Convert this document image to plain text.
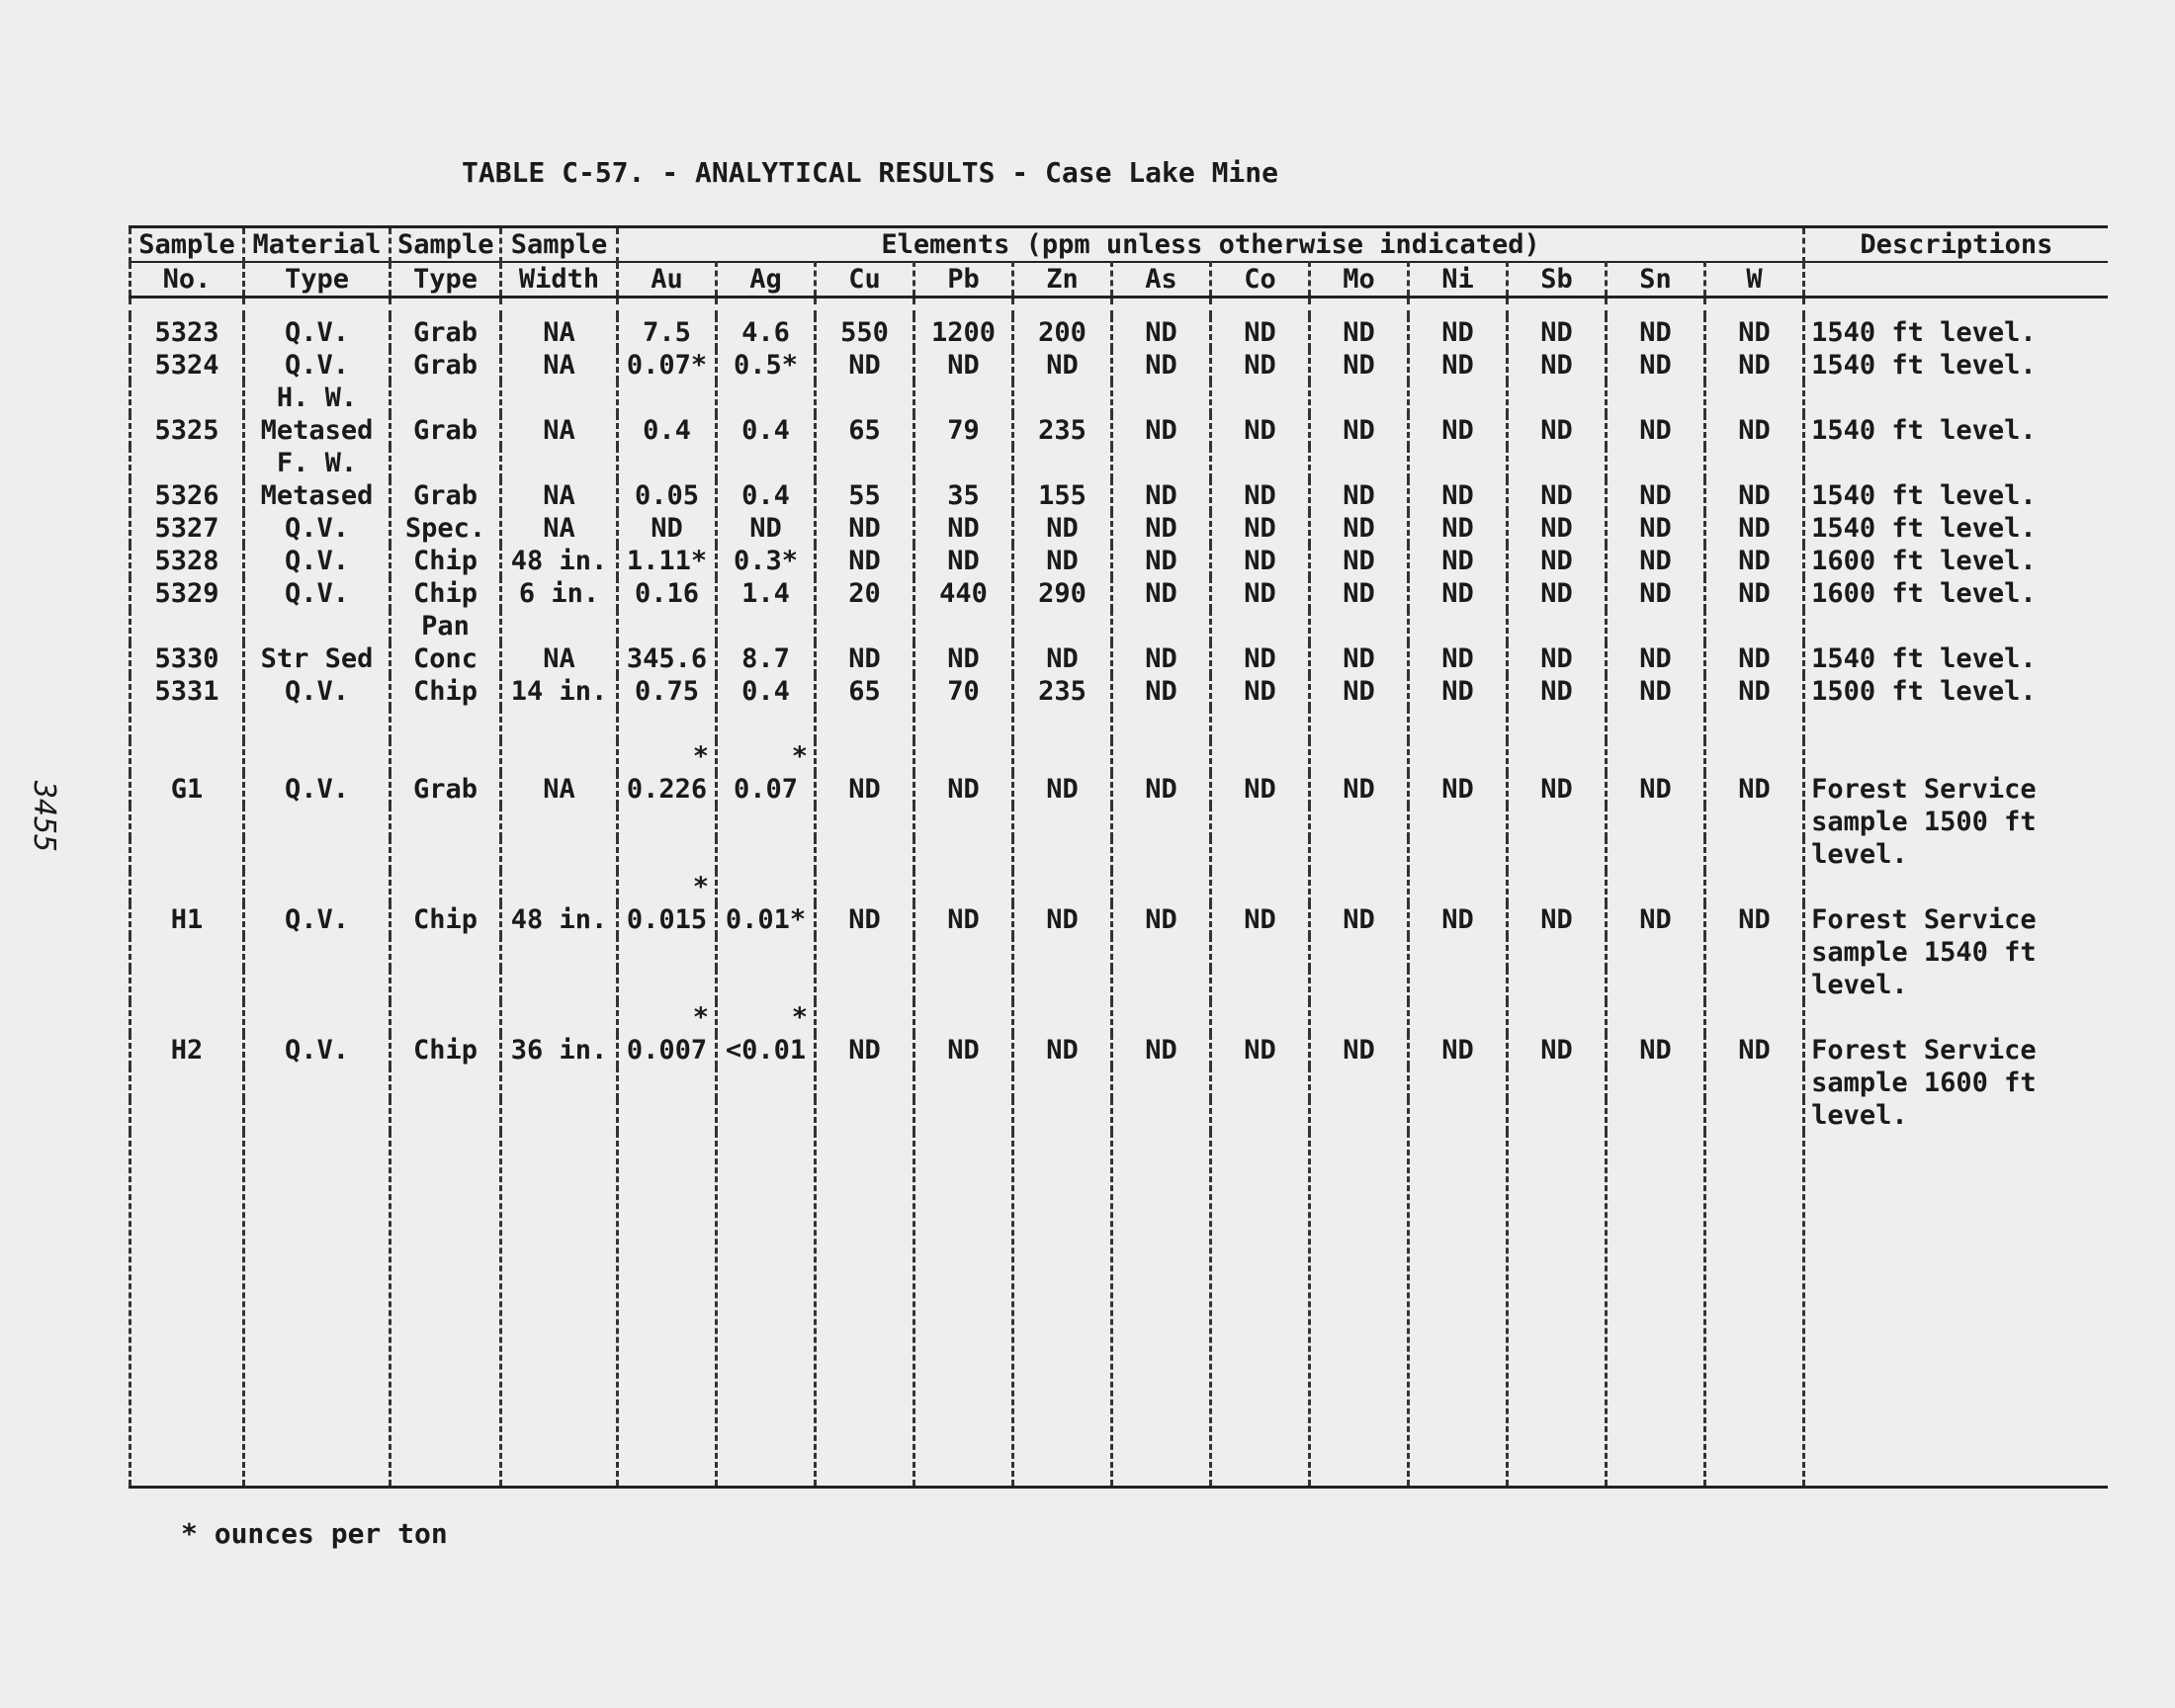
TABLE C-57. - ANALYTICAL RESULTS - Case Lake Mine
3455
Sample	Material	Sample	Sample	Elements (ppm unless otherwise indicated)												Descriptions
No.	Type	Type	Width	Au	Ag	Cu	Pb	Zn	As	Co	Mo	Ni	Sb	Sn	W	

5323	Q.V.	Grab	NA	7.5	4.6	550	1200	200	ND	ND	ND	ND	ND	ND	ND	1540 ft level.
5324	Q.V.	Grab	NA	0.07*	0.5*	ND	ND	ND	ND	ND	ND	ND	ND	ND	ND	1540 ft level.
	H. W.															
5325	Metased	Grab	NA	0.4	0.4	65	79	235	ND	ND	ND	ND	ND	ND	ND	1540 ft level.
	F. W.															
5326	Metased	Grab	NA	0.05	0.4	55	35	155	ND	ND	ND	ND	ND	ND	ND	1540 ft level.
5327	Q.V.	Spec.	NA	ND	ND	ND	ND	ND	ND	ND	ND	ND	ND	ND	ND	1540 ft level.
5328	Q.V.	Chip	48 in.	1.11*	0.3*	ND	ND	ND	ND	ND	ND	ND	ND	ND	ND	1600 ft level.
5329	Q.V.	Chip	6 in.	0.16	1.4	20	440	290	ND	ND	ND	ND	ND	ND	ND	1600 ft level.
		Pan														
5330	Str Sed	Conc	NA	345.6	8.7	ND	ND	ND	ND	ND	ND	ND	ND	ND	ND	1540 ft level.
5331	Q.V.	Chip	14 in.	0.75	0.4	65	70	235	ND	ND	ND	ND	ND	ND	ND	1500 ft level.

				*	*											
G1	Q.V.	Grab	NA	0.226	0.07	ND	ND	ND	ND	ND	ND	ND	ND	ND	ND	Forest Service
																sample 1500 ft
																level.
				*												
H1	Q.V.	Chip	48 in.	0.015	0.01*	ND	ND	ND	ND	ND	ND	ND	ND	ND	ND	Forest Service
																sample 1540 ft
																level.
				*	*											
H2	Q.V.	Chip	36 in.	0.007	<0.01	ND	ND	ND	ND	ND	ND	ND	ND	ND	ND	Forest Service
																sample 1600 ft
																level.

* ounces per ton
